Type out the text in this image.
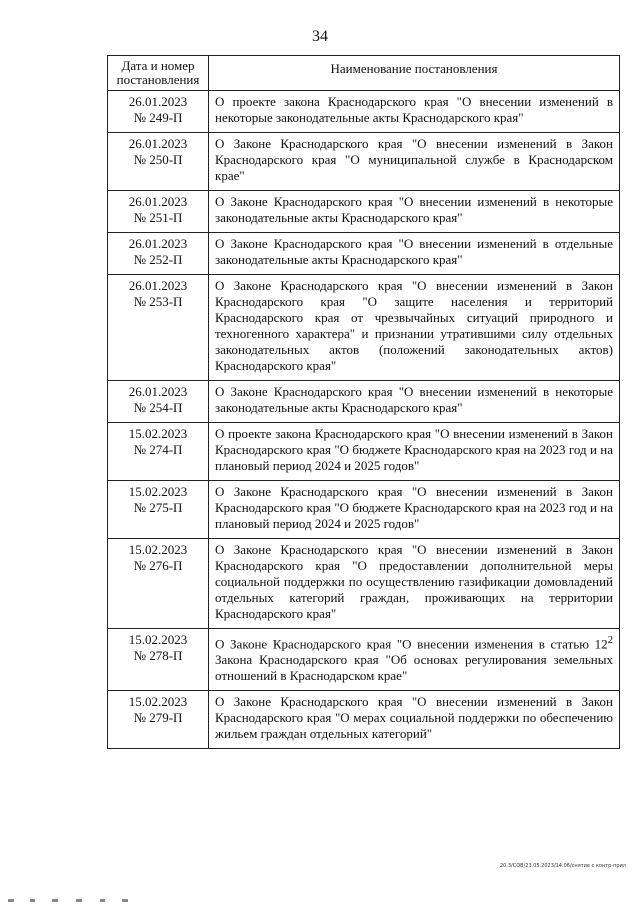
34
Дата и номер постановления	Наименование постановления

26.01.2023
№ 249-П	О проекте закона Краснодарского края "О внесении изменений в некоторые законодательные акты Краснодарского края"

26.01.2023
№ 250-П	О Законе Краснодарского края "О внесении изменений в Закон Краснодарского края "О муниципальной службе в Краснодарском крае"

26.01.2023
№ 251-П	О Законе Краснодарского края "О внесении изменений в некоторые законодательные акты Краснодарского края"

26.01.2023
№ 252-П	О Законе Краснодарского края "О внесении изменений в отдельные законодательные акты Краснодарского края"

26.01.2023
№ 253-П	О Законе Краснодарского края "О внесении изменений в Закон Краснодарского края "О защите населения и территорий Краснодарского края от чрезвычайных ситуаций природного и техногенного характера" и признании утратившими силу отдельных законодательных актов (положений законодательных актов) Краснодарского края"

26.01.2023
№ 254-П	О Законе Краснодарского края "О внесении изменений в некоторые законодательные акты Краснодарского края"

15.02.2023
№ 274-П	О проекте закона Краснодарского края "О внесении изменений в Закон Краснодарского края "О бюджете Краснодарского края на 2023 год и на плановый период 2024 и 2025 годов"

15.02.2023
№ 275-П	О Законе Краснодарского края "О внесении изменений в Закон Краснодарского края "О бюджете Краснодарского края на 2023 год и на плановый период 2024 и 2025 годов"

15.02.2023
№ 276-П	О Законе Краснодарского края "О внесении изменений в Закон Краснодарского края "О предоставлении дополнительной меры социальной поддержки по осуществлению газификации домовладений отдельных категорий граждан, проживающих на территории Краснодарского края"

15.02.2023
№ 278-П	О Законе Краснодарского края "О внесении изменения в статью $12^2$ Закона Краснодарского края "Об основах регулирования земельных отношений в Краснодарском крае"

15.02.2023
№ 279-П	О Законе Краснодарского края "О внесении изменений в Закон Краснодарского края "О мерах социальной поддержки по обеспечению жильем граждан отдельных категорий"
20.3/СОВ/23.05.2023/14:06/снятие с контр-прил
